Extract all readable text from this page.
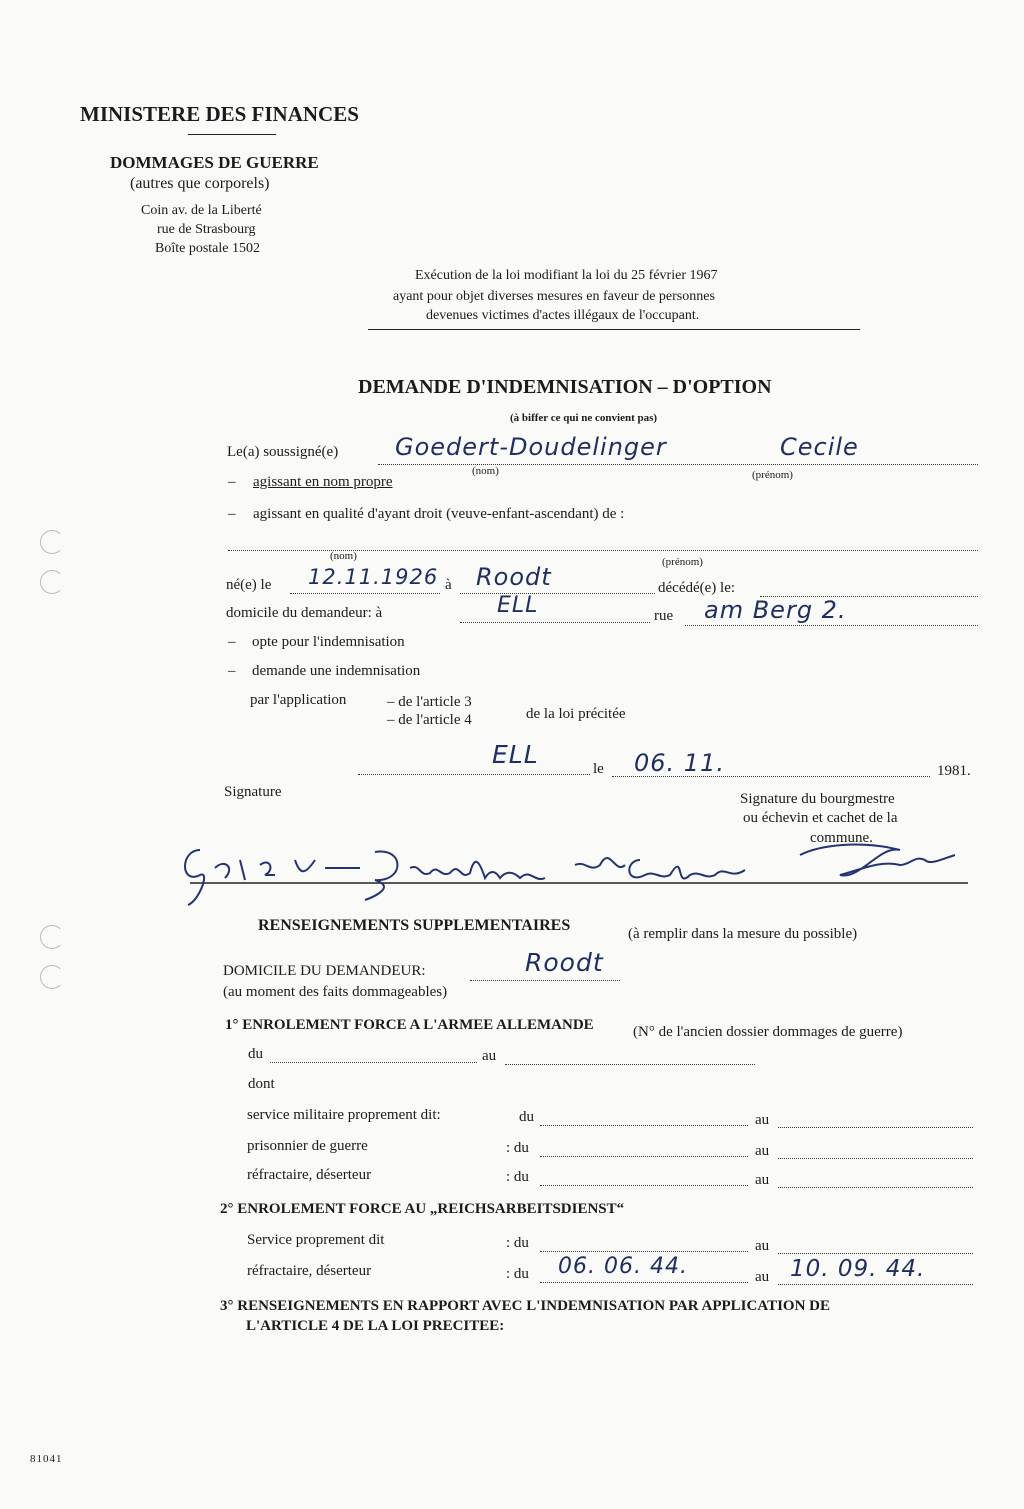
MINISTERE DES FINANCES
DOMMAGES DE GUERRE
(autres que corporels)
Coin av. de la Liberté
rue de Strasbourg
Boîte postale 1502
Exécution de la loi modifiant la loi du 25 février 1967
ayant pour objet diverses mesures en faveur de personnes
devenues victimes d'actes illégaux de l'occupant.
DEMANDE D'INDEMNISATION – D'OPTION
(à biffer ce qui ne convient pas)
Le(a) soussigné(e) Goedert-Doudelinger	Cecile
(nom)	(prénom)
– agissant en nom propre
– agissant en qualité d'ayant droit (veuve-enfant-ascendant) de :
(nom)	(prénom)
né(e) le 12.11.1926 à Roodt	décédé(e) le:
domicile du demandeur: à	ELL	rue am Berg 2.
– opte pour l'indemnisation
– demande une indemnisation
par l'application	– de l'article 3
– de l'article 4	de la loi précitée
ELL	le 06. 11.	1981.
Signature	Signature du bourgmestre
ou échevin et cachet de la
commune.
RENSEIGNEMENTS SUPPLEMENTAIRES	(à remplir dans la mesure du possible)
DOMICILE DU DEMANDEUR:	Roodt
(au moment des faits dommageables)
1° ENROLEMENT FORCE A L'ARMEE ALLEMANDE	(N° de l'ancien dossier dommages de guerre)
du	au
dont
service militaire proprement dit:	du	au
prisonnier de guerre	: du	au
réfractaire, déserteur	: du	au
2° ENROLEMENT FORCE AU „REICHSARBEITSDIENST“
Service proprement dit	: du	au
réfractaire, déserteur	: du 06. 06. 44.	au 10. 09. 44.
3° RENSEIGNEMENTS EN RAPPORT AVEC L'INDEMNISATION PAR APPLICATION DE
L'ARTICLE 4 DE LA LOI PRECITEE:
81041
